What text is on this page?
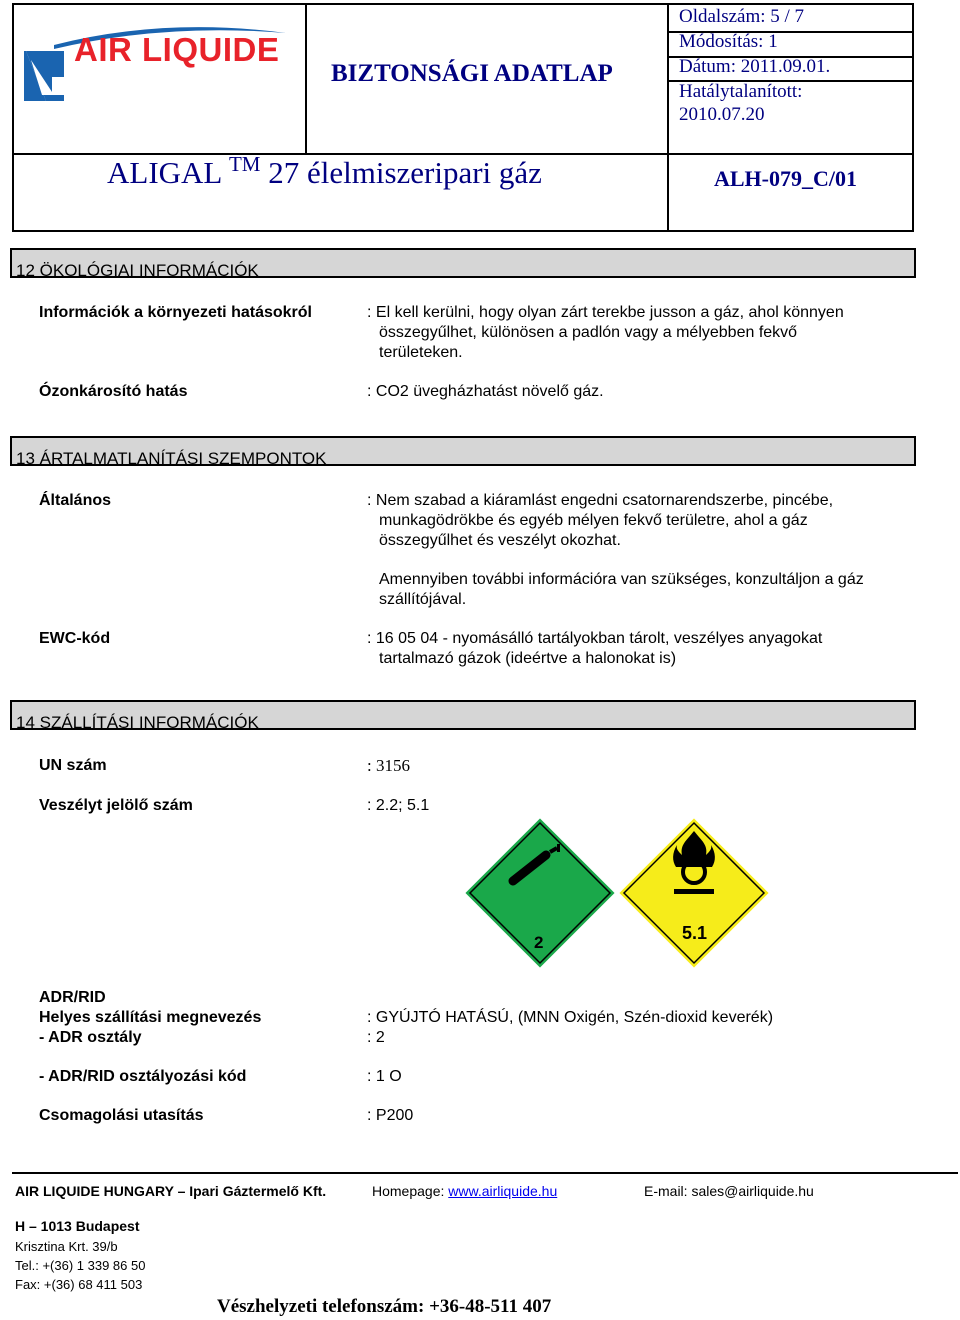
AIR LIQUIDE
BIZTONSÁGI ADATLAP
Oldalszám: 5 / 7
Módosítás: 1
Dátum: 2011.09.01.
Hatálytalanított:
2010.07.20
ALIGAL ™ 27 élelmiszeripari gáz	ALH-079_C/01
12 ÖKOLÓGIAI INFORMÁCIÓK
Információk a környezeti hatásokról	: El kell kerülni, hogy olyan zárt terekbe jusson a gáz, ahol könnyen
összegyűlhet, különösen a padlón vagy a mélyebben fekvő
területeken.
Ózonkárosító hatás	: CO2 üvegházhatást növelő gáz.
13 ÁRTALMATLANÍTÁSI SZEMPONTOK
Általános	: Nem szabad a kiáramlást engedni csatornarendszerbe, pincébe,
munkagödrökbe és egyéb mélyen fekvő területre, ahol a gáz
összegyűlhet és veszélyt okozhat.
Amennyiben további információra van szükséges, konzultáljon a gáz
szállítójával.
EWC-kód	: 16 05 04 - nyomásálló tartályokban tárolt, veszélyes anyagokat
tartalmazó gázok (ideértve a halonokat is)
14 SZÁLLÍTÁSI INFORMÁCIÓK
UN szám	: 3156
Veszélyt jelölő szám	: 2.2; 5.1
2	5.1
ADR/RID
Helyes szállítási megnevezés	: GYÚJTÓ HATÁSÚ, (MNN Oxigén, Szén-dioxid keverék)
- ADR osztály	: 2
- ADR/RID osztályozási kód	: 1 O
Csomagolási utasítás	: P200
AIR LIQUIDE HUNGARY – Ipari Gáztermelő Kft.	Homepage: www.airliquide.hu	E-mail: sales@airliquide.hu
H – 1013 Budapest
Krisztina Krt. 39/b
Tel.: +(36) 1 339 86 50
Fax: +(36) 68 411 503
Vészhelyzeti telefonszám: +36-48-511 407
